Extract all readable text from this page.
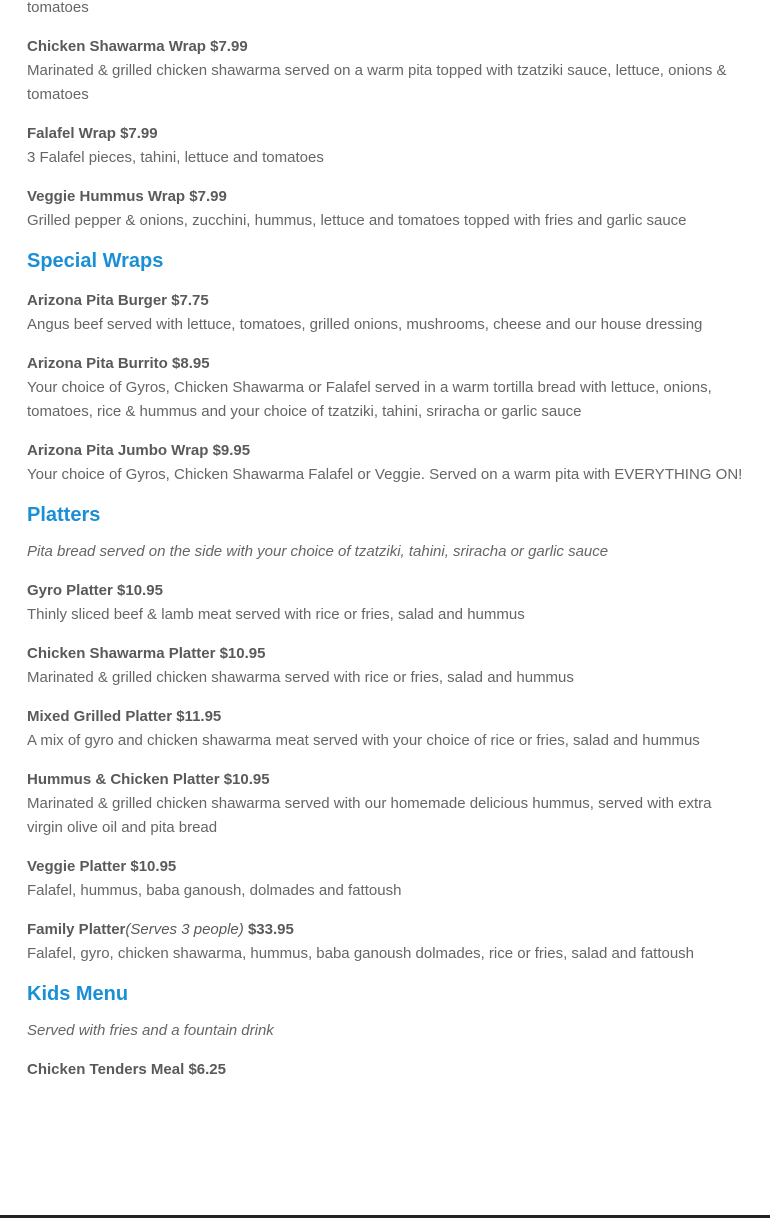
tomatoes
Chicken Shawarma Wrap $7.99
Marinated & grilled chicken shawarma served on a warm pita topped with tzatziki sauce, lettuce, onions & tomatoes
Falafel Wrap $7.99
3 Falafel pieces, tahini, lettuce and tomatoes
Veggie Hummus Wrap $7.99
Grilled pepper & onions, zucchini, hummus, lettuce and tomatoes topped with fries and garlic sauce
Special Wraps
Arizona Pita Burger $7.75
Angus beef served with lettuce, tomatoes, grilled onions, mushrooms, cheese and our house dressing
Arizona Pita Burrito $8.95
Your choice of Gyros, Chicken Shawarma or Falafel served in a warm tortilla bread with lettuce, onions, tomatoes, rice & hummus and your choice of tzatziki, tahini, sriracha or garlic sauce
Arizona Pita Jumbo Wrap $9.95
Your choice of Gyros, Chicken Shawarma Falafel or Veggie. Served on a warm pita with EVERYTHING ON!
Platters
Pita bread served on the side with your choice of tzatziki, tahini, sriracha or garlic sauce
Gyro Platter $10.95
Thinly sliced beef & lamb meat served with rice or fries, salad and hummus
Chicken Shawarma Platter $10.95
Marinated & grilled chicken shawarma served with rice or fries, salad and hummus
Mixed Grilled Platter $11.95
A mix of gyro and chicken shawarma meat served with your choice of rice or fries, salad and hummus
Hummus & Chicken Platter $10.95
Marinated & grilled chicken shawarma served with our homemade delicious hummus, served with extra virgin olive oil and pita bread
Veggie Platter $10.95
Falafel, hummus, baba ganoush, dolmades and fattoush
Family Platter(Serves 3 people) $33.95
Falafel, gyro, chicken shawarma, hummus, baba ganoush dolmades, rice or fries, salad and fattoush
Kids Menu
Served with fries and a fountain drink
Chicken Tenders Meal $6.25
